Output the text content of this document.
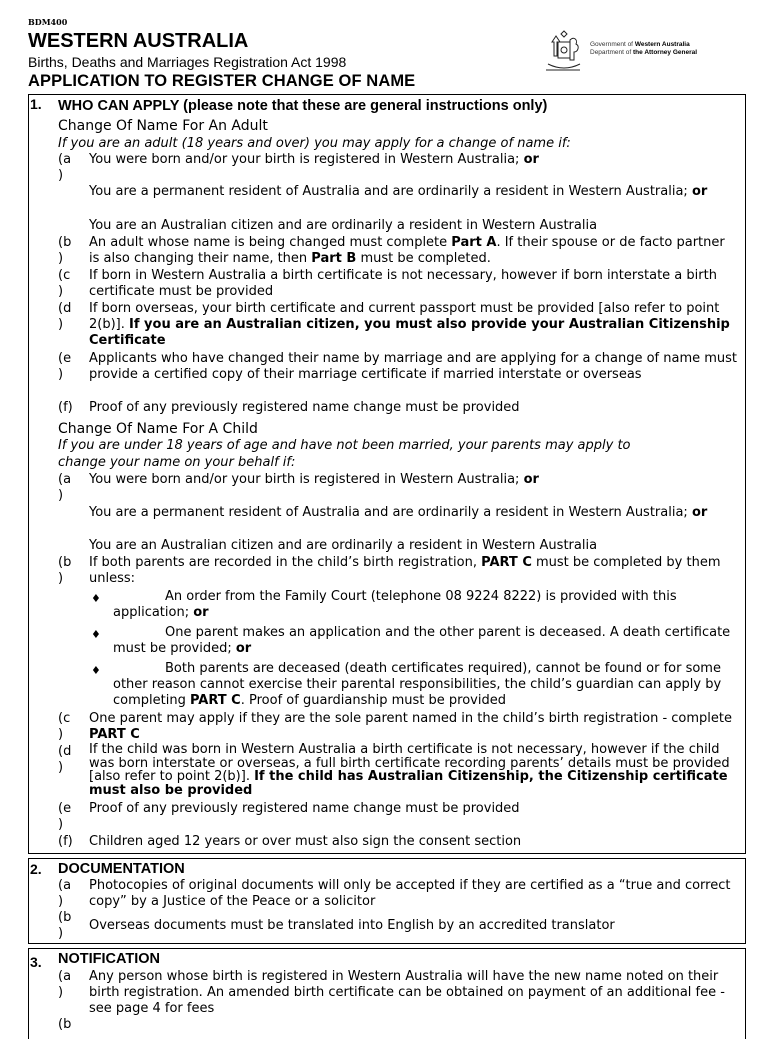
BDM400
WESTERN AUSTRALIA
Births, Deaths and Marriages Registration Act 1998
APPLICATION TO REGISTER CHANGE OF NAME
Government of Western Australia
Department of the Attorney General
1. WHO CAN APPLY (please note that these are general instructions only)
Change Of Name For An Adult
If you are an adult (18 years and over) you may apply for a change of name if:
(a
)
You were born and/or your birth is registered in Western Australia; or
You are a permanent resident of Australia and are ordinarily a resident in Western Australia; or
You are an Australian citizen and are ordinarily a resident in Western Australia
(b
)
An adult whose name is being changed must complete Part A. If their spouse or de facto partner is also changing their name, then Part B must be completed.
(c
)
If born in Western Australia a birth certificate is not necessary, however if born interstate a birth certificate must be provided
(d
)
If born overseas, your birth certificate and current passport must be provided [also refer to point 2(b)]. If you are an Australian citizen, you must also provide your Australian Citizenship Certificate
(e
)
Applicants who have changed their name by marriage and are applying for a change of name must provide a certified copy of their marriage certificate if married interstate or overseas
(f)	Proof of any previously registered name change must be provided
Change Of Name For A Child
If you are under 18 years of age and have not been married, your parents may apply to
change your name on your behalf if:
(a
)
You were born and/or your birth is registered in Western Australia; or
You are a permanent resident of Australia and are ordinarily a resident in Western Australia; or
You are an Australian citizen and are ordinarily a resident in Western Australia
(b
)
If both parents are recorded in the child’s birth registration, PART C must be completed by them unless:
♦	An order from the Family Court (telephone 08 9224 8222) is provided with this application; or
♦	One parent makes an application and the other parent is deceased. A death certificate must be provided; or
♦	Both parents are deceased (death certificates required), cannot be found or for some other reason cannot exercise their parental responsibilities, the child’s guardian can apply by completing PART C. Proof of guardianship must be provided
(c
)
One parent may apply if they are the sole parent named in the child’s birth registration - complete PART C
(d
)
If the child was born in Western Australia a birth certificate is not necessary, however if the child was born interstate or overseas, a full birth certificate recording parents’ details must be provided [also refer to point 2(b)]. If the child has Australian Citizenship, the Citizenship certificate must also be provided
(e
)
Proof of any previously registered name change must be provided
(f)	Children aged 12 years or over must also sign the consent section
2. DOCUMENTATION
(a
)
Photocopies of original documents will only be accepted if they are certified as a “true and correct copy” by a Justice of the Peace or a solicitor
(b
)
Overseas documents must be translated into English by an accredited translator
3. NOTIFICATION
(a
)
Any person whose birth is registered in Western Australia will have the new name noted on their birth registration. An amended birth certificate can be obtained on payment of an additional fee - see page 4 for fees
(b
